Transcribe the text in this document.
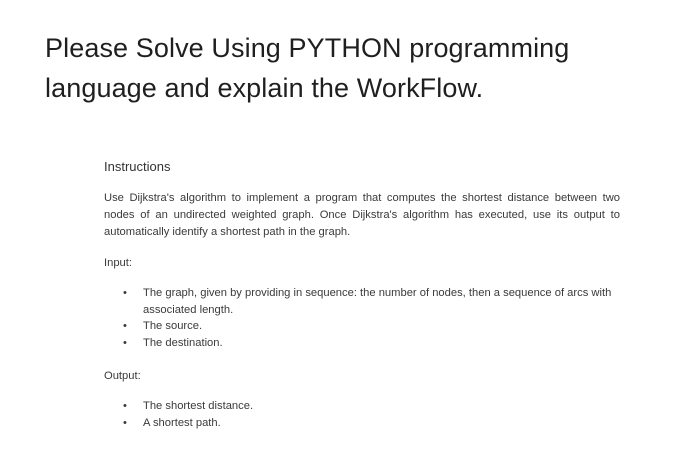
Please Solve Using PYTHON programming language and explain the WorkFlow.

Instructions

Use Dijkstra's algorithm to implement a program that computes the shortest distance between two nodes of an undirected weighted graph. Once Dijkstra's algorithm has executed, use its output to automatically identify a shortest path in the graph.

Input:

• The graph, given by providing in sequence: the number of nodes, then a sequence of arcs with associated length.
• The source.
• The destination.

Output:

• The shortest distance.
• A shortest path.
